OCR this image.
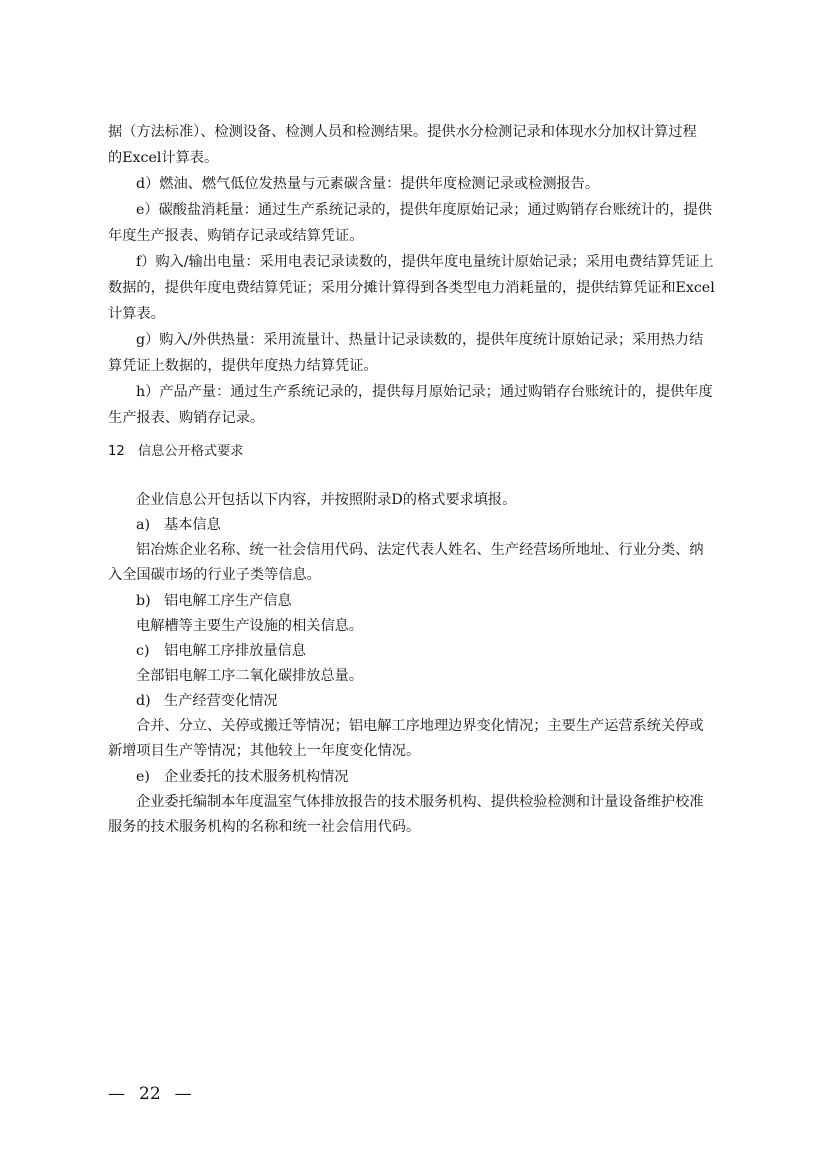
据（方法标准）、检测设备、检测人员和检测结果。提供水分检测记录和体现水分加权计算过程
的Excel计算表。
d）燃油、燃气低位发热量与元素碳含量：提供年度检测记录或检测报告。
e）碳酸盐消耗量：通过生产系统记录的，提供年度原始记录；通过购销存台账统计的，提供
年度生产报表、购销存记录或结算凭证。
f）购入/输出电量：采用电表记录读数的，提供年度电量统计原始记录；采用电费结算凭证上
数据的，提供年度电费结算凭证；采用分摊计算得到各类型电力消耗量的，提供结算凭证和Excel
计算表。
g）购入/外供热量：采用流量计、热量计记录读数的，提供年度统计原始记录；采用热力结
算凭证上数据的，提供年度热力结算凭证。
h）产品产量：通过生产系统记录的，提供每月原始记录；通过购销存台账统计的，提供年度
生产报表、购销存记录。
12 信息公开格式要求
企业信息公开包括以下内容，并按照附录D的格式要求填报。
a) 基本信息
铝冶炼企业名称、统一社会信用代码、法定代表人姓名、生产经营场所地址、行业分类、纳
入全国碳市场的行业子类等信息。
b) 铝电解工序生产信息
电解槽等主要生产设施的相关信息。
c) 铝电解工序排放量信息
全部铝电解工序二氧化碳排放总量。
d) 生产经营变化情况
合并、分立、关停或搬迁等情况；铝电解工序地理边界变化情况；主要生产运营系统关停或
新增项目生产等情况；其他较上一年度变化情况。
e) 企业委托的技术服务机构情况
企业委托编制本年度温室气体排放报告的技术服务机构、提供检验检测和计量设备维护校准
服务的技术服务机构的名称和统一社会信用代码。
— 22 —
